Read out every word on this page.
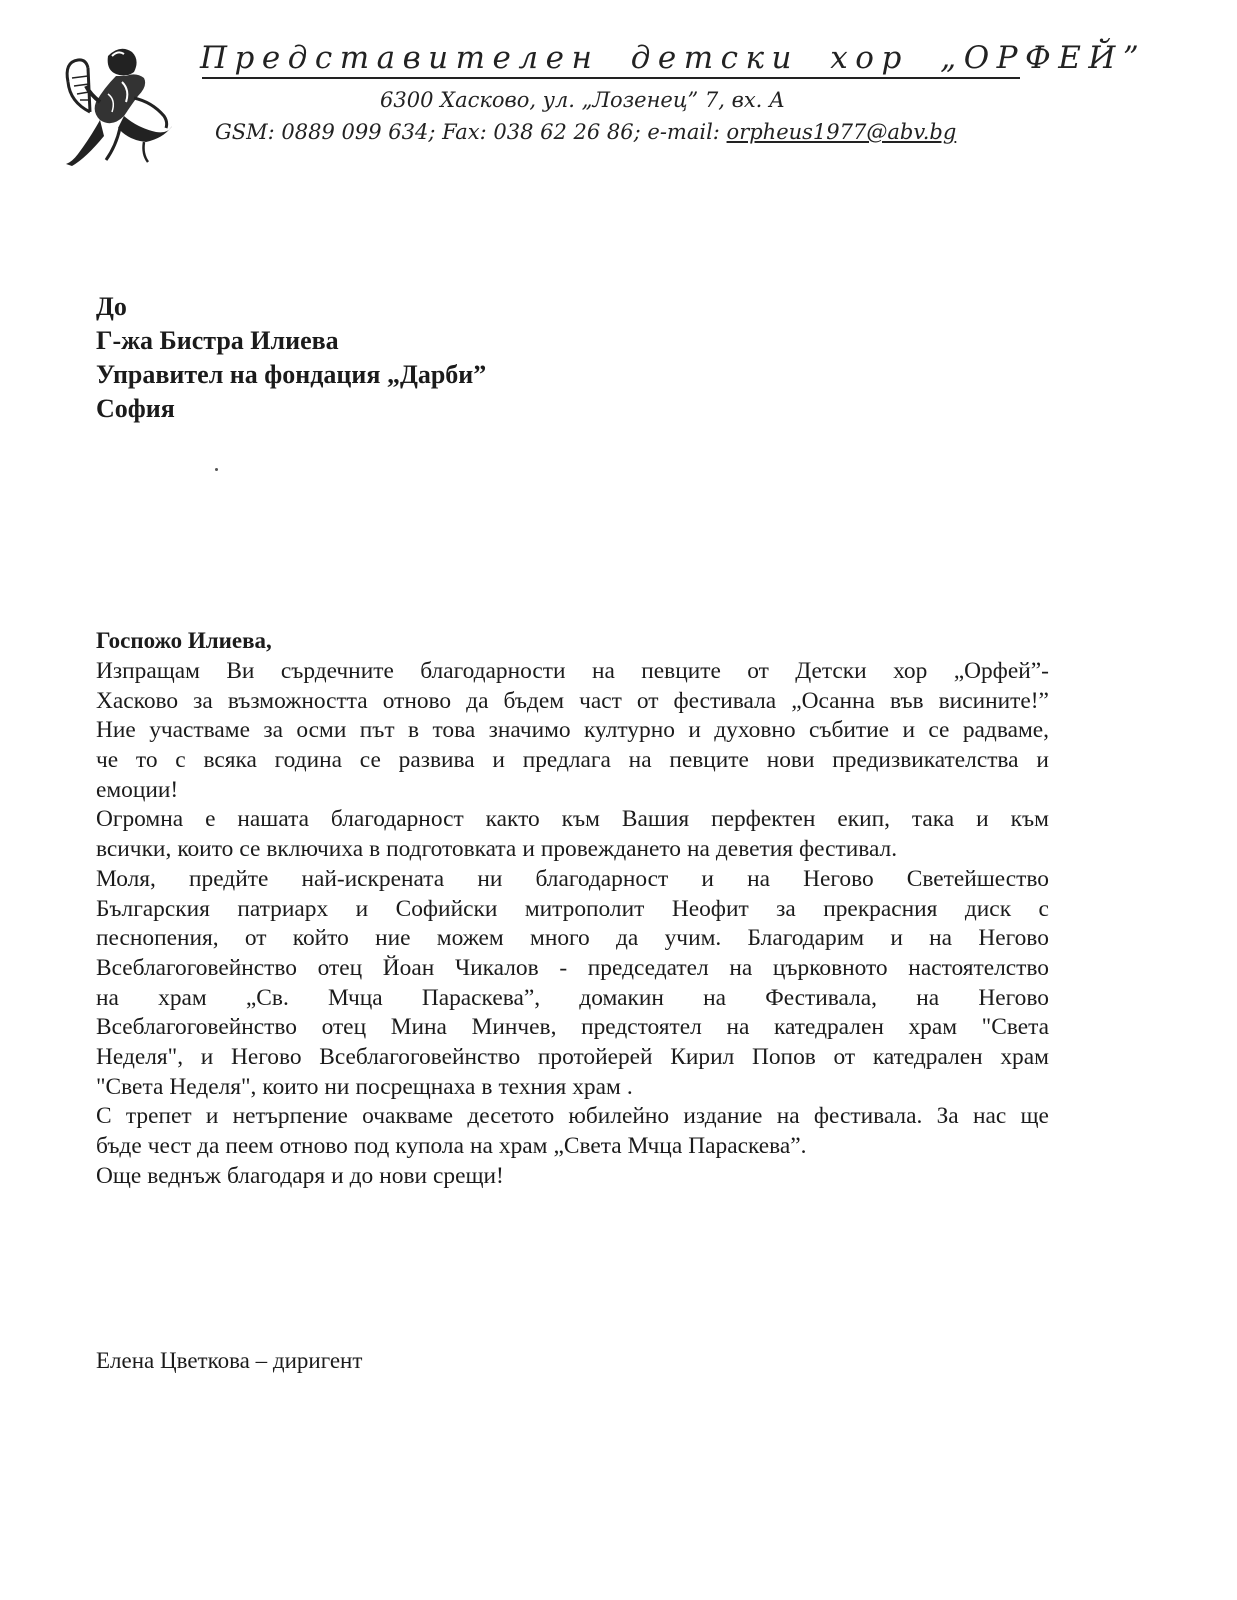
Представителен детски хор „ОРФЕЙ”
6300 Хасково, ул. „Лозенец” 7, вх. А
GSM: 0889 099 634; Fax: 038 62 26 86; e-mail: orpheus1977@abv.bg
До
Г-жа Бистра Илиева
Управител на фондация „Дарби”
София
Госпожо Илиева,
Изпращам Ви сърдечните благодарности на певците от Детски хор „Орфей”-
Хасково за възможността отново да бъдем част от фестивала „Осанна във висините!”
Ние участваме за осми път в това значимо културно и духовно събитие и се радваме,
че то с всяка година се развива и предлага на певците нови предизвикателства и
емоции!
Огромна е нашата благодарност както към Вашия перфектен екип, така и към
всички, които се включиха в подготовката и провеждането на деветия фестивал.
Моля, предйте най-искрената ни благодарност и на Негово Светейшество
Българския патриарх и Софийски митрополит Неофит за прекрасния диск с
песнопения, от който ние можем много да учим. Благодарим и на Негово
Всеблагоговейнство отец Йоан Чикалов - председател на църковното настоятелство
на храм „Св. Мчца Параскева”, домакин на Фестивала, на Негово
Всеблагоговейнство отец Мина Минчев, предстоятел на катедрален храм "Света
Неделя", и Негово Всеблагоговейнство протойерей Кирил Попов от катедрален храм
"Света Неделя", които ни посрещнаха в техния храм .
С трепет и нетърпение очакваме десетото юбилейно издание на фестивала. За нас ще
бъде чест да пеем отново под купола на храм „Света Мчца Параскева”.
Още веднъж благодаря и до нови срещи!
Елена Цветкова – диригент
